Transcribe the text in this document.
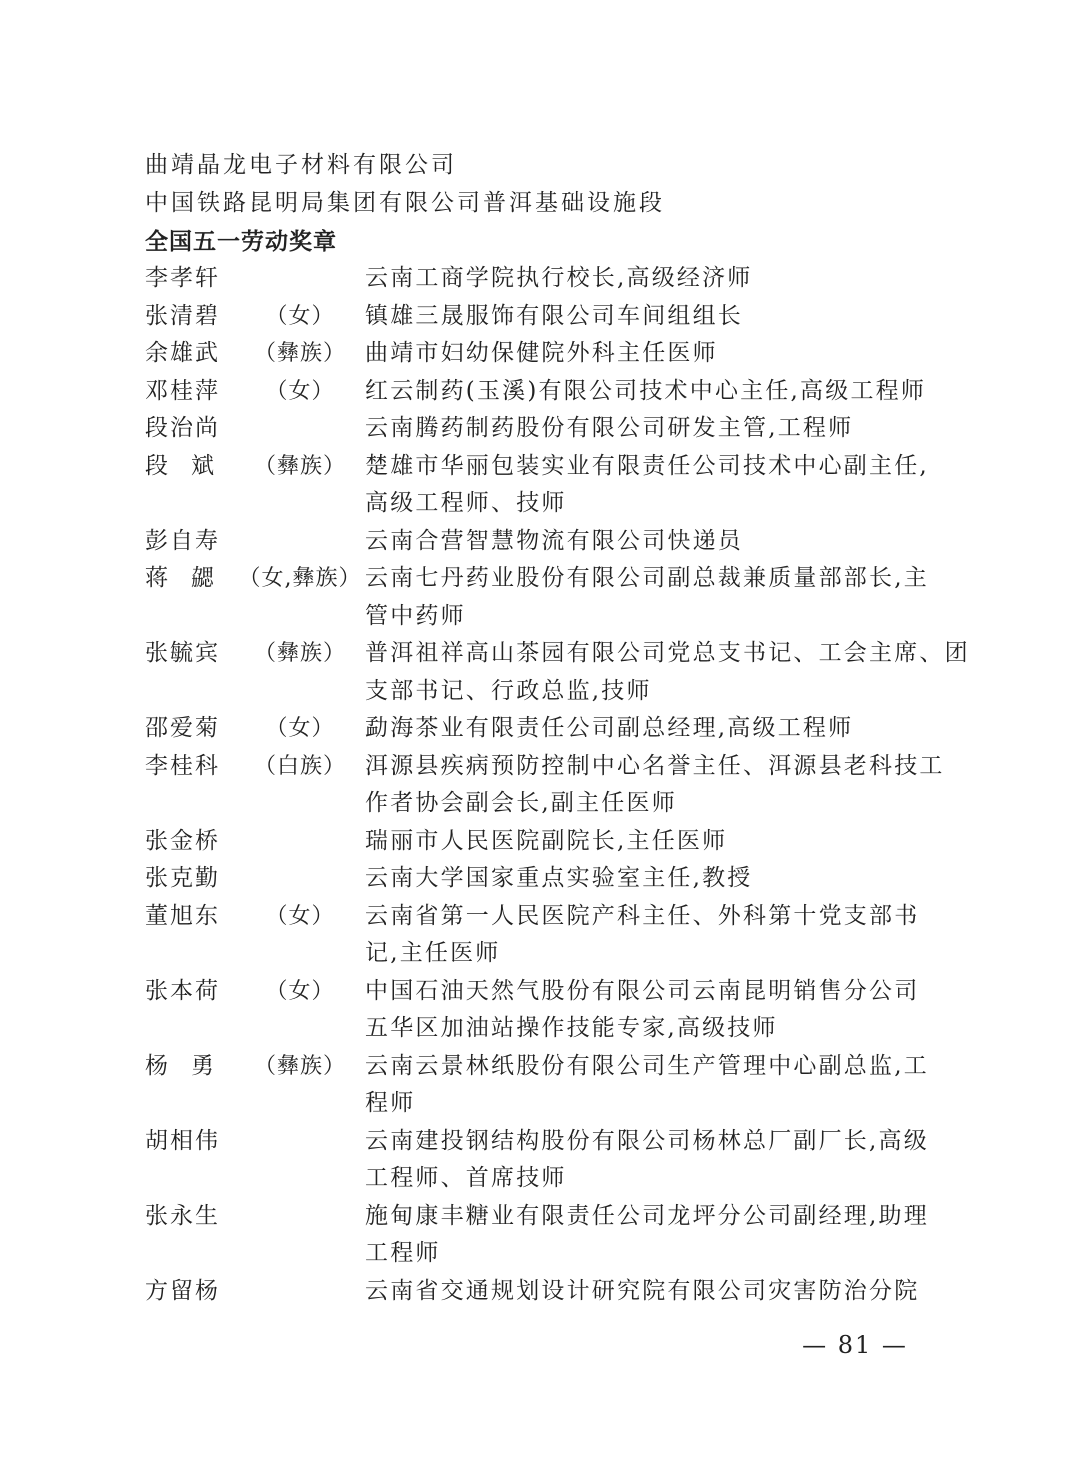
曲靖晶龙电子材料有限公司
中国铁路昆明局集团有限公司普洱基础设施段
全国五一劳动奖章
李孝轩	云南工商学院执行校长,高级经济师
张清碧	（女）	镇雄三晟服饰有限公司车间组组长
余雄武	（彝族） 曲靖市妇幼保健院外科主任医师
邓桂萍	（女）	红云制药(玉溪)有限公司技术中心主任,高级工程师
段治尚	云南腾药制药股份有限公司研发主管,工程师
段　斌	（彝族） 楚雄市华丽包装实业有限责任公司技术中心副主任,
高级工程师、技师
彭自寿	云南合营智慧物流有限公司快递员
蒋　勰	（女,彝族） 云南七丹药业股份有限公司副总裁兼质量部部长,主
管中药师
张毓宾	（彝族） 普洱祖祥高山茶园有限公司党总支书记、工会主席、团
支部书记、行政总监,技师
邵爱菊	（女）	勐海茶业有限责任公司副总经理,高级工程师
李桂科	（白族） 洱源县疾病预防控制中心名誉主任、洱源县老科技工
作者协会副会长,副主任医师
张金桥	瑞丽市人民医院副院长,主任医师
张克勤	云南大学国家重点实验室主任,教授
董旭东	（女）	云南省第一人民医院产科主任、外科第十党支部书
记,主任医师
张本荷	（女）	中国石油天然气股份有限公司云南昆明销售分公司
五华区加油站操作技能专家,高级技师
杨　勇	（彝族） 云南云景林纸股份有限公司生产管理中心副总监,工
程师
胡相伟	云南建投钢结构股份有限公司杨林总厂副厂长,高级
工程师、首席技师
张永生	施甸康丰糖业有限责任公司龙坪分公司副经理,助理
工程师
方留杨	云南省交通规划设计研究院有限公司灾害防治分院
— 81 —
